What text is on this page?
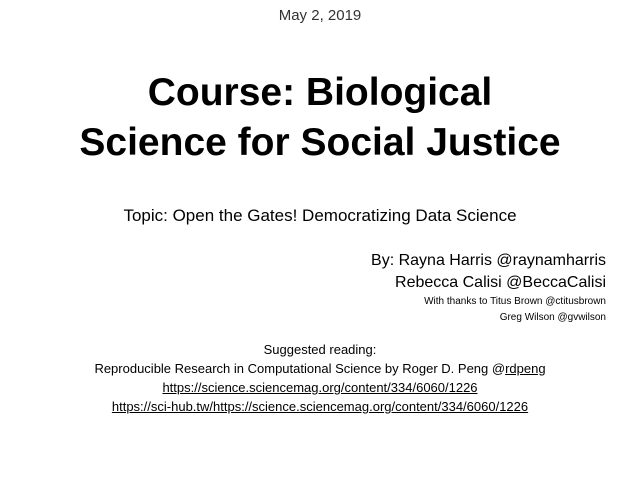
May 2, 2019
Course: Biological
Science for Social Justice
Topic: Open the Gates! Democratizing Data Science
By: Rayna Harris @raynamharris
Rebecca Calisi @BeccaCalisi
With thanks to Titus Brown @ctitusbrown
Greg Wilson @gvwilson
Suggested reading:
Reproducible Research in Computational Science by Roger D. Peng @rdpeng
https://science.sciencemag.org/content/334/6060/1226
https://sci-hub.tw/https://science.sciencemag.org/content/334/6060/1226
